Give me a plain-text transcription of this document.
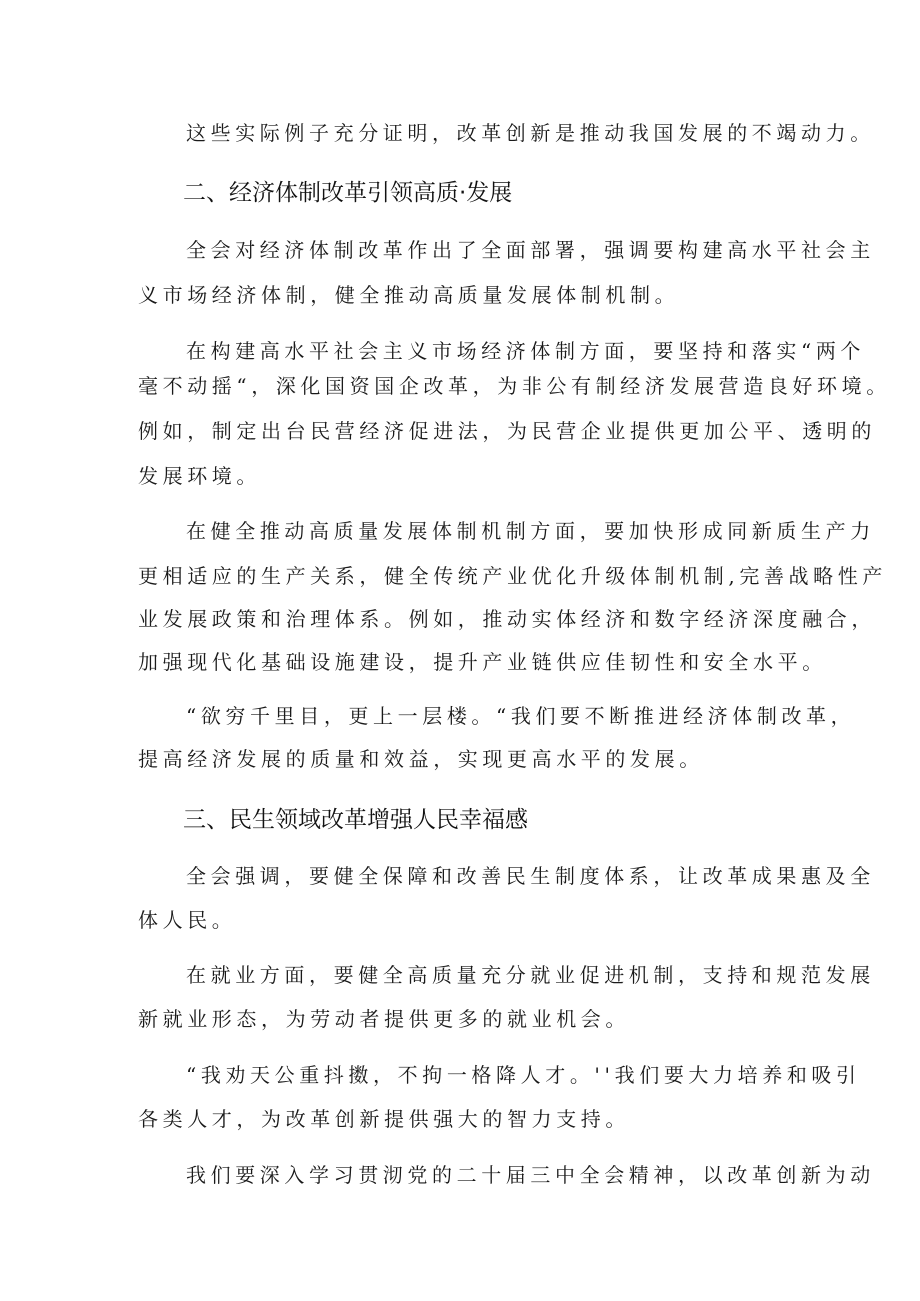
这些实际例子充分证明，改革创新是推动我国发展的不竭动力。
二、经济体制改革引领高质·发展
全会对经济体制改革作出了全面部署，强调要构建高水平社会主
义市场经济体制，健全推动高质量发展体制机制。
在构建高水平社会主义市场经济体制方面，要坚持和落实“两个
毫不动摇“，深化国资国企改革，为非公有制经济发展营造良好环境。
例如，制定出台民营经济促进法，为民营企业提供更加公平、透明的
发展环境。
在健全推动高质量发展体制机制方面，要加快形成同新质生产力
更相适应的生产关系，健全传统产业优化升级体制机制,完善战略性产
业发展政策和治理体系。例如，推动实体经济和数字经济深度融合，
加强现代化基础设施建设，提升产业链供应佳韧性和安全水平。
“欲穷千里目，更上一层楼。“我们要不断推进经济体制改革，
提高经济发展的质量和效益，实现更高水平的发展。
三、民生领域改革增强人民幸福感
全会强调，要健全保障和改善民生制度体系，让改革成果惠及全
体人民。
在就业方面，要健全高质量充分就业促进机制，支持和规范发展
新就业形态，为劳动者提供更多的就业机会。
“我劝天公重抖擞，不拘一格降人才。''我们要大力培养和吸引
各类人才，为改革创新提供强大的智力支持。
我们要深入学习贯沏党的二十届三中全会精神，以改革创新为动
